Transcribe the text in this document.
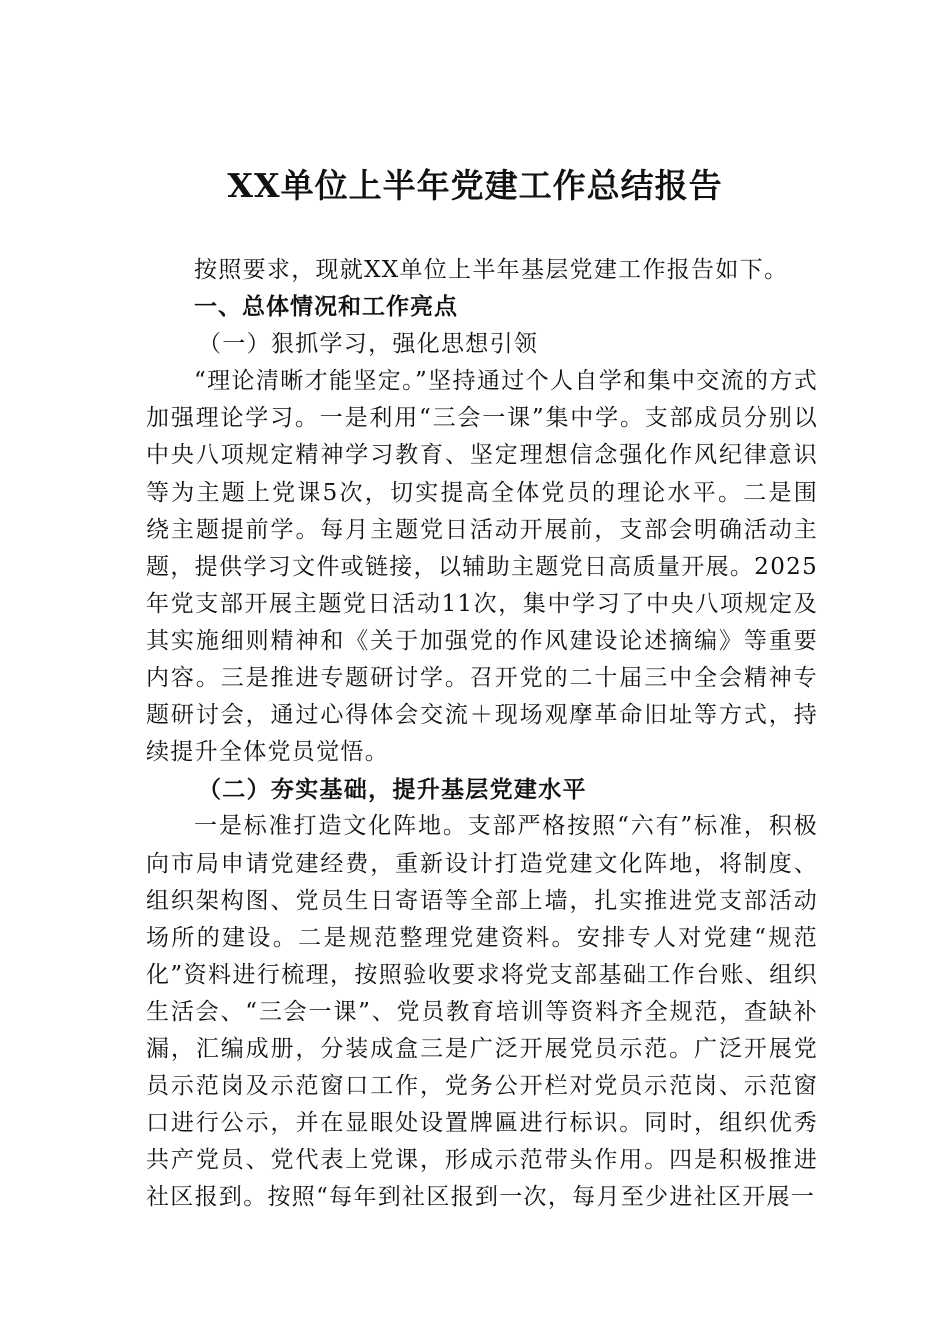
XX单位上半年党建工作总结报告

按照要求，现就XX单位上半年基层党建工作报告如下。

一、总体情况和工作亮点
（一）狠抓学习，强化思想引领

“理论清晰才能坚定。”坚持通过个人自学和集中交流的方式加强理论学习。一是利用“三会一课”集中学。支部成员分别以中央八项规定精神学习教育、坚定理想信念强化作风纪律意识等为主题上党课5次，切实提高全体党员的理论水平。二是围绕主题提前学。每月主题党日活动开展前，支部会明确活动主题，提供学习文件或链接，以辅助主题党日高质量开展。2025年党支部开展主题党日活动11次，集中学习了中央八项规定及其实施细则精神和《关于加强党的作风建设论述摘编》等重要内容。三是推进专题研讨学。召开党的二十届三中全会精神专题研讨会，通过心得体会交流＋现场观摩革命旧址等方式，持续提升全体党员觉悟。

（二）夯实基础，提升基层党建水平

一是标准打造文化阵地。支部严格按照“六有”标准，积极向市局申请党建经费，重新设计打造党建文化阵地，将制度、组织架构图、党员生日寄语等全部上墙，扎实推进党支部活动场所的建设。二是规范整理党建资料。安排专人对党建“规范化”资料进行梳理，按照验收要求将党支部基础工作台账、组织生活会、“三会一课”、党员教育培训等资料齐全规范，查缺补漏，汇编成册，分装成盒三是广泛开展党员示范。广泛开展党员示范岗及示范窗口工作，党务公开栏对党员示范岗、示范窗口进行公示，并在显眼处设置牌匾进行标识。同时，组织优秀共产党员、党代表上党课，形成示范带头作用。四是积极推进社区报到。按照“每年到社区报到一次，每月至少进社区开展一
